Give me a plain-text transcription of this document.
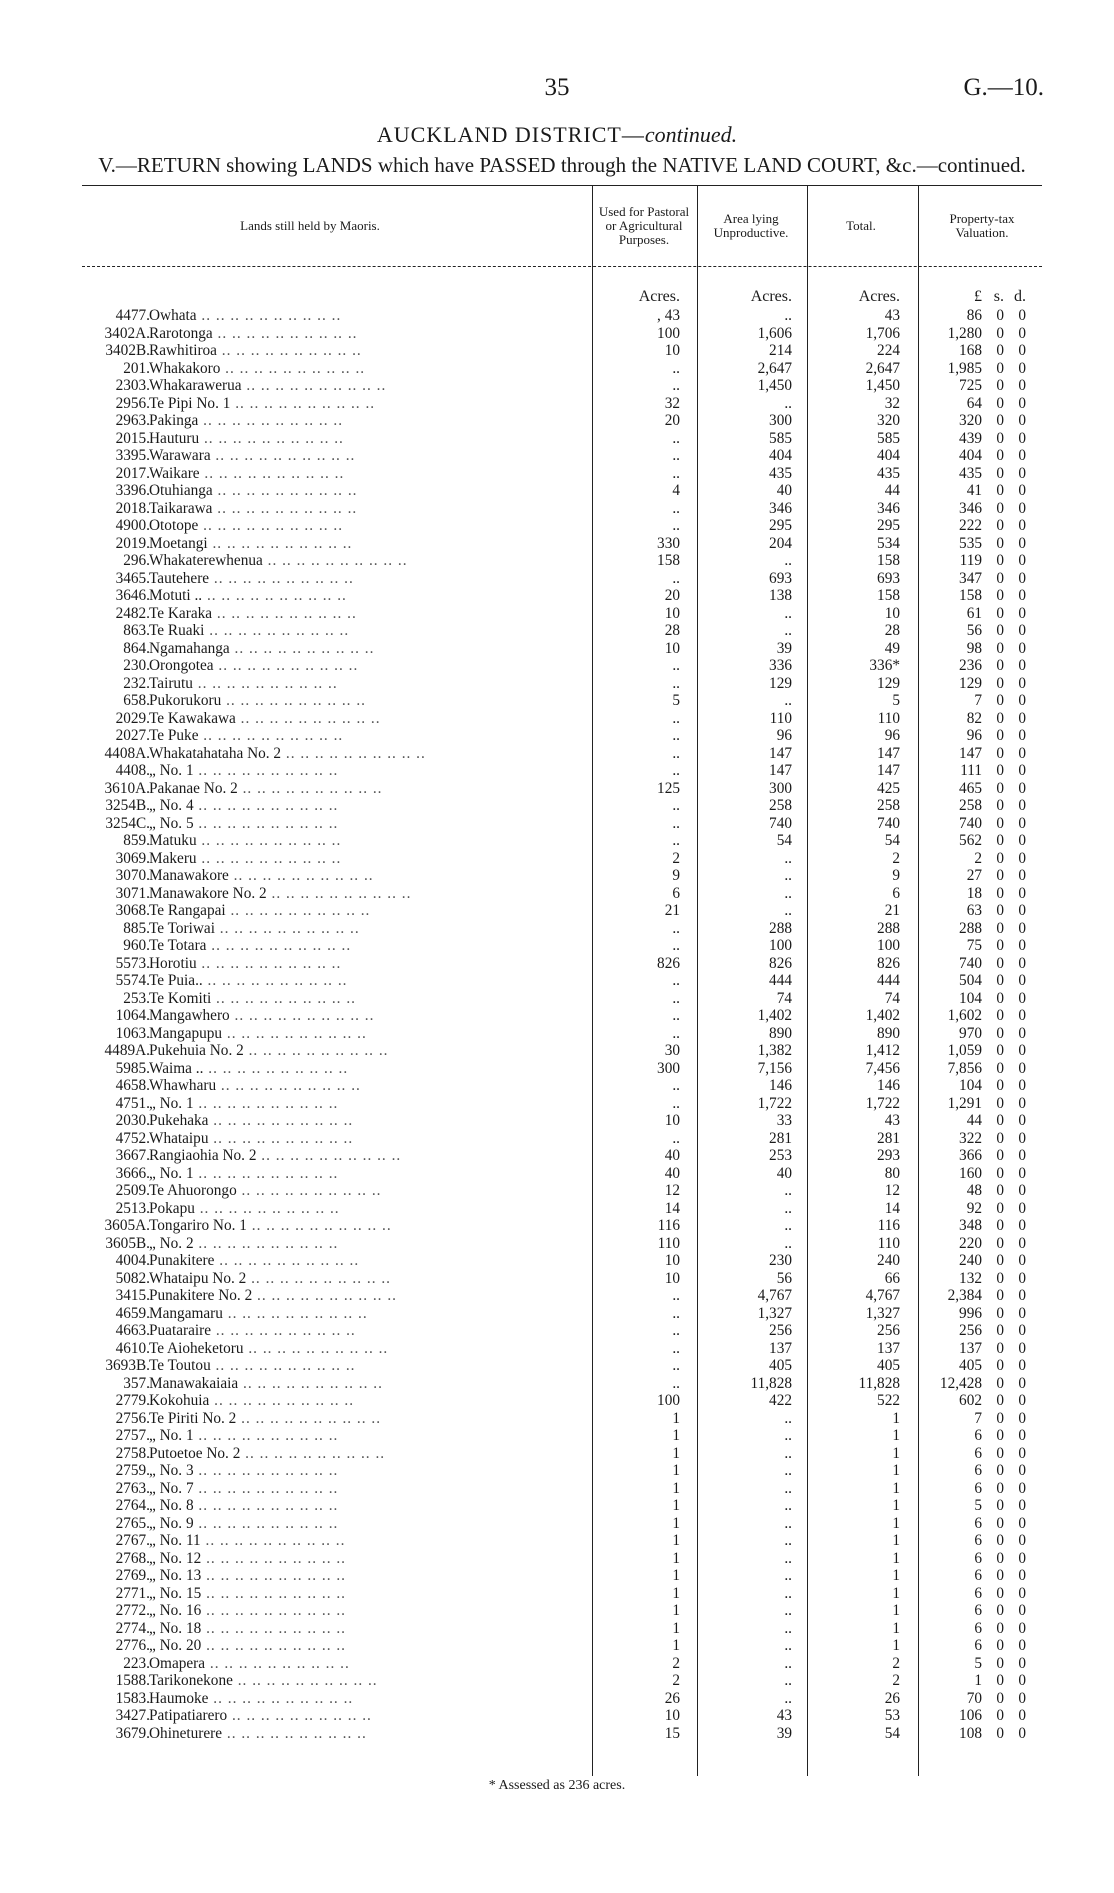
35	G.—10.
AUCKLAND DISTRICT—continued.
V.—RETURN showing LANDS which have PASSED through the NATIVE LAND COURT, &c.—continued.
Lands still held by Maoris.
Used for Pastoral or Agricultural Purposes.
Area lying Unproductive.	Total.	Property-tax Valuation.
Acres.	Acres.	Acres.	£ s. d.
4477. Owhata .. .. .. .. .. .. .. .. .. ..	, 43	..	43	86 0 0
3402A. Rarotonga .. .. .. .. .. .. .. .. .. ..	100	1,606	1,706	1,280 0 0
3402B. Rawhitiroa .. .. .. .. .. .. .. .. .. ..	10	214	224	168 0 0
201. Whakakoro .. .. .. .. .. .. .. .. .. ..	..	2,647	2,647	1,985 0 0
2303. Whakarawerua .. .. .. .. .. .. .. .. .. ..	..	1,450	1,450	725 0 0
2956. Te Pipi No. 1 .. .. .. .. .. .. .. .. .. ..	32	..	32	64 0 0
2963. Pakinga .. .. .. .. .. .. .. .. .. ..	20	300	320	320 0 0
2015. Hauturu .. .. .. .. .. .. .. .. .. ..	..	585	585	439 0 0
3395. Warawara .. .. .. .. .. .. .. .. .. ..	..	404	404	404 0 0
2017. Waikare .. .. .. .. .. .. .. .. .. ..	..	435	435	435 0 0
3396. Otuhianga .. .. .. .. .. .. .. .. .. ..	4	40	44	41 0 0
2018. Taikarawa .. .. .. .. .. .. .. .. .. ..	..	346	346	346 0 0
4900. Ototope .. .. .. .. .. .. .. .. .. ..	..	295	295	222 0 0
2019. Moetangi .. .. .. .. .. .. .. .. .. ..	330	204	534	535 0 0
296. Whakaterewhenua .. .. .. .. .. .. .. .. .. ..	158	..	158	119 0 0
3465. Tautehere .. .. .. .. .. .. .. .. .. ..	..	693	693	347 0 0
3646. Motuti .. .. .. .. .. .. .. .. .. .. ..	20	138	158	158 0 0
2482. Te Karaka .. .. .. .. .. .. .. .. .. ..	10	..	10	61 0 0
863. Te Ruaki .. .. .. .. .. .. .. .. .. ..	28	..	28	56 0 0
864. Ngamahanga .. .. .. .. .. .. .. .. .. ..	10	39	49	98 0 0
230. Orongotea .. .. .. .. .. .. .. .. .. ..	..	336	336*	236 0 0
232. Tairutu .. .. .. .. .. .. .. .. .. ..	..	129	129	129 0 0
658. Pukorukoru .. .. .. .. .. .. .. .. .. ..	5	..	5	7 0 0
2029. Te Kawakawa .. .. .. .. .. .. .. .. .. ..	..	110	110	82 0 0
2027. Te Puke .. .. .. .. .. .. .. .. .. ..	..	96	96	96 0 0
4408A. Whakatahataha No. 2 .. .. .. .. .. .. .. .. .. ..	..	147	147	147 0 0
4408. „ No. 1 .. .. .. .. .. .. .. .. .. ..	..	147	147	111 0 0
3610A. Pakanae No. 2 .. .. .. .. .. .. .. .. .. ..	125	300	425	465 0 0
3254B. „ No. 4 .. .. .. .. .. .. .. .. .. ..	..	258	258	258 0 0
3254C. „ No. 5 .. .. .. .. .. .. .. .. .. ..	..	740	740	740 0 0
859. Matuku .. .. .. .. .. .. .. .. .. ..	..	54	54	562 0 0
3069. Makeru .. .. .. .. .. .. .. .. .. ..	2	..	2	2 0 0
3070. Manawakore .. .. .. .. .. .. .. .. .. ..	9	..	9	27 0 0
3071. Manawakore No. 2 .. .. .. .. .. .. .. .. .. ..	6	..	6	18 0 0
3068. Te Rangapai .. .. .. .. .. .. .. .. .. ..	21	..	21	63 0 0
885. Te Toriwai .. .. .. .. .. .. .. .. .. ..	..	288	288	288 0 0
960. Te Totara .. .. .. .. .. .. .. .. .. ..	..	100	100	75 0 0
5573. Horotiu .. .. .. .. .. .. .. .. .. ..	826	826	826	740 0 0
5574. Te Puia.. .. .. .. .. .. .. .. .. .. ..	..	444	444	504 0 0
253. Te Komiti .. .. .. .. .. .. .. .. .. ..	..	74	74	104 0 0
1064. Mangawhero .. .. .. .. .. .. .. .. .. ..	..	1,402	1,402	1,602 0 0
1063. Mangapupu .. .. .. .. .. .. .. .. .. ..	..	890	890	970 0 0
4489A. Pukehuia No. 2 .. .. .. .. .. .. .. .. .. ..	30	1,382	1,412	1,059 0 0
5985. Waima .. .. .. .. .. .. .. .. .. .. ..	300	7,156	7,456	7,856 0 0
4658. Whawharu .. .. .. .. .. .. .. .. .. ..	..	146	146	104 0 0
4751. „ No. 1 .. .. .. .. .. .. .. .. .. ..	..	1,722	1,722	1,291 0 0
2030. Pukehaka .. .. .. .. .. .. .. .. .. ..	10	33	43	44 0 0
4752. Whataipu .. .. .. .. .. .. .. .. .. ..	..	281	281	322 0 0
3667. Rangiaohia No. 2 .. .. .. .. .. .. .. .. .. ..	40	253	293	366 0 0
3666. „ No. 1 .. .. .. .. .. .. .. .. .. ..	40	40	80	160 0 0
2509. Te Ahuorongo .. .. .. .. .. .. .. .. .. ..	12	..	12	48 0 0
2513. Pokapu .. .. .. .. .. .. .. .. .. ..	14	..	14	92 0 0
3605A. Tongariro No. 1 .. .. .. .. .. .. .. .. .. ..	116	..	116	348 0 0
3605B. „ No. 2 .. .. .. .. .. .. .. .. .. ..	110	..	110	220 0 0
4004. Punakitere .. .. .. .. .. .. .. .. .. ..	10	230	240	240 0 0
5082. Whataipu No. 2 .. .. .. .. .. .. .. .. .. ..	10	56	66	132 0 0
3415. Punakitere No. 2 .. .. .. .. .. .. .. .. .. ..	..	4,767	4,767	2,384 0 0
4659. Mangamaru .. .. .. .. .. .. .. .. .. ..	..	1,327	1,327	996 0 0
4663. Puataraire .. .. .. .. .. .. .. .. .. ..	..	256	256	256 0 0
4610. Te Aioheketoru .. .. .. .. .. .. .. .. .. ..	..	137	137	137 0 0
3693B. Te Toutou .. .. .. .. .. .. .. .. .. ..	..	405	405	405 0 0
357. Manawakaiaia .. .. .. .. .. .. .. .. .. ..	..	11,828	11,828	12,428 0 0
2779. Kokohuia .. .. .. .. .. .. .. .. .. ..	100	422	522	602 0 0
2756. Te Piriti No. 2 .. .. .. .. .. .. .. .. .. ..	1	..	1	7 0 0
2757. „ No. 1 .. .. .. .. .. .. .. .. .. ..	1	..	1	6 0 0
2758. Putoetoe No. 2 .. .. .. .. .. .. .. .. .. ..	1	..	1	6 0 0
2759. „ No. 3 .. .. .. .. .. .. .. .. .. ..	1	..	1	6 0 0
2763. „ No. 7 .. .. .. .. .. .. .. .. .. ..	1	..	1	6 0 0
2764. „ No. 8 .. .. .. .. .. .. .. .. .. ..	1	..	1	5 0 0
2765. „ No. 9 .. .. .. .. .. .. .. .. .. ..	1	..	1	6 0 0
2767. „ No. 11 .. .. .. .. .. .. .. .. .. ..	1	..	1	6 0 0
2768. „ No. 12 .. .. .. .. .. .. .. .. .. ..	1	..	1	6 0 0
2769. „ No. 13 .. .. .. .. .. .. .. .. .. ..	1	..	1	6 0 0
2771. „ No. 15 .. .. .. .. .. .. .. .. .. ..	1	..	1	6 0 0
2772. „ No. 16 .. .. .. .. .. .. .. .. .. ..	1	..	1	6 0 0
2774. „ No. 18 .. .. .. .. .. .. .. .. .. ..	1	..	1	6 0 0
2776. „ No. 20 .. .. .. .. .. .. .. .. .. ..	1	..	1	6 0 0
223. Omapera .. .. .. .. .. .. .. .. .. ..	2	..	2	5 0 0
1588. Tarikonekone .. .. .. .. .. .. .. .. .. ..	2	..	2	1 0 0
1583. Haumoke .. .. .. .. .. .. .. .. .. ..	26	..	26	70 0 0
3427. Patipatiarero .. .. .. .. .. .. .. .. .. ..	10	43	53	106 0 0
3679. Ohineturere .. .. .. .. .. .. .. .. .. ..	15	39	54	108 0 0
* Assessed as 236 acres.
